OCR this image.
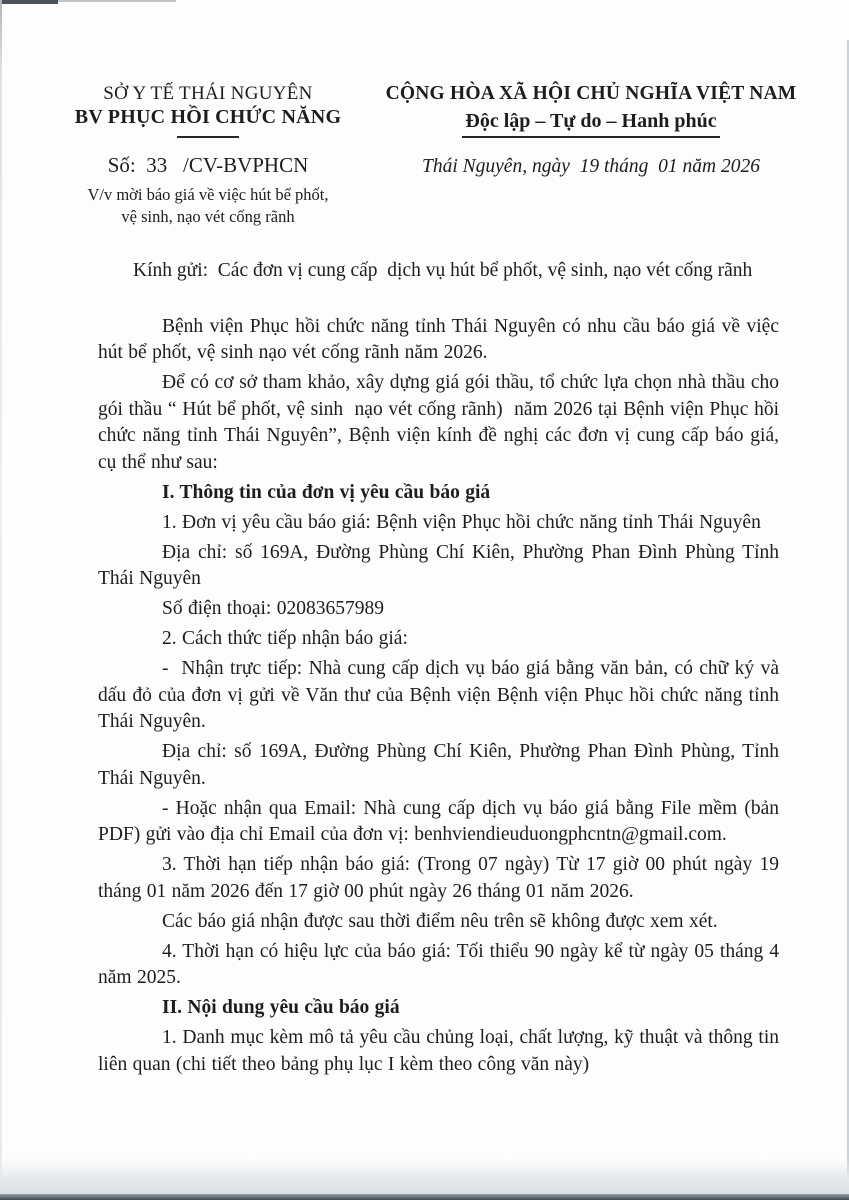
SỞ Y TẾ THÁI NGUYÊN
BV PHỤC HỒI CHỨC NĂNG
Số:  33   /CV-BVPHCN
V/v mời báo giá về việc hút bể phốt, vệ sinh, nạo vét cống rãnh
CỘNG HÒA XÃ HỘI CHỦ NGHĨA VIỆT NAM
Độc lập – Tự do – Hanh phúc
Thái Nguyên, ngày  19 tháng  01 năm 2026
Kính gửi:  Các đơn vị cung cấp  dịch vụ hút bể phốt, vệ sinh, nạo vét cống rãnh

Bệnh viện Phục hồi chức năng tỉnh Thái Nguyên có nhu cầu báo giá về việc hút bể phốt, vệ sinh nạo vét cống rãnh năm 2026.

Để có cơ sở tham khảo, xây dựng giá gói thầu, tổ chức lựa chọn nhà thầu cho gói thầu “ Hút bể phốt, vệ sinh  nạo vét cống rãnh)  năm 2026 tại Bệnh viện Phục hồi chức năng tỉnh Thái Nguyên”, Bệnh viện kính đề nghị các đơn vị cung cấp báo giá, cụ thể như sau:

I. Thông tin của đơn vị yêu cầu báo giá

1. Đơn vị yêu cầu báo giá: Bệnh viện Phục hồi chức năng tỉnh Thái Nguyên

Địa chỉ: số 169A, Đường Phùng Chí Kiên, Phường Phan Đình Phùng Tỉnh Thái Nguyên

Số điện thoại: 02083657989

2. Cách thức tiếp nhận báo giá:

-  Nhận trực tiếp: Nhà cung cấp dịch vụ báo giá bằng văn bản, có chữ ký và dấu đỏ của đơn vị gửi về Văn thư của Bệnh viện Bệnh viện Phục hồi chức năng tỉnh Thái Nguyên.

Địa chỉ: số 169A, Đường Phùng Chí Kiên, Phường Phan Đình Phùng, Tỉnh Thái Nguyên.

- Hoặc nhận qua Email: Nhà cung cấp dịch vụ báo giá bằng File mềm (bản PDF) gửi vào địa chỉ Email của đơn vị: benhviendieuduongphcntn@gmail.com.

3. Thời hạn tiếp nhận báo giá: (Trong 07 ngày) Từ 17 giờ 00 phút ngày 19 tháng 01 năm 2026 đến 17 giờ 00 phút ngày 26 tháng 01 năm 2026.

Các báo giá nhận được sau thời điểm nêu trên sẽ không được xem xét.

4. Thời hạn có hiệu lực của báo giá: Tối thiểu 90 ngày kể từ ngày 05 tháng 4 năm 2025.

II. Nội dung yêu cầu báo giá

1. Danh mục kèm mô tả yêu cầu chủng loại, chất lượng, kỹ thuật và thông tin liên quan (chi tiết theo bảng phụ lục I kèm theo công văn này)
